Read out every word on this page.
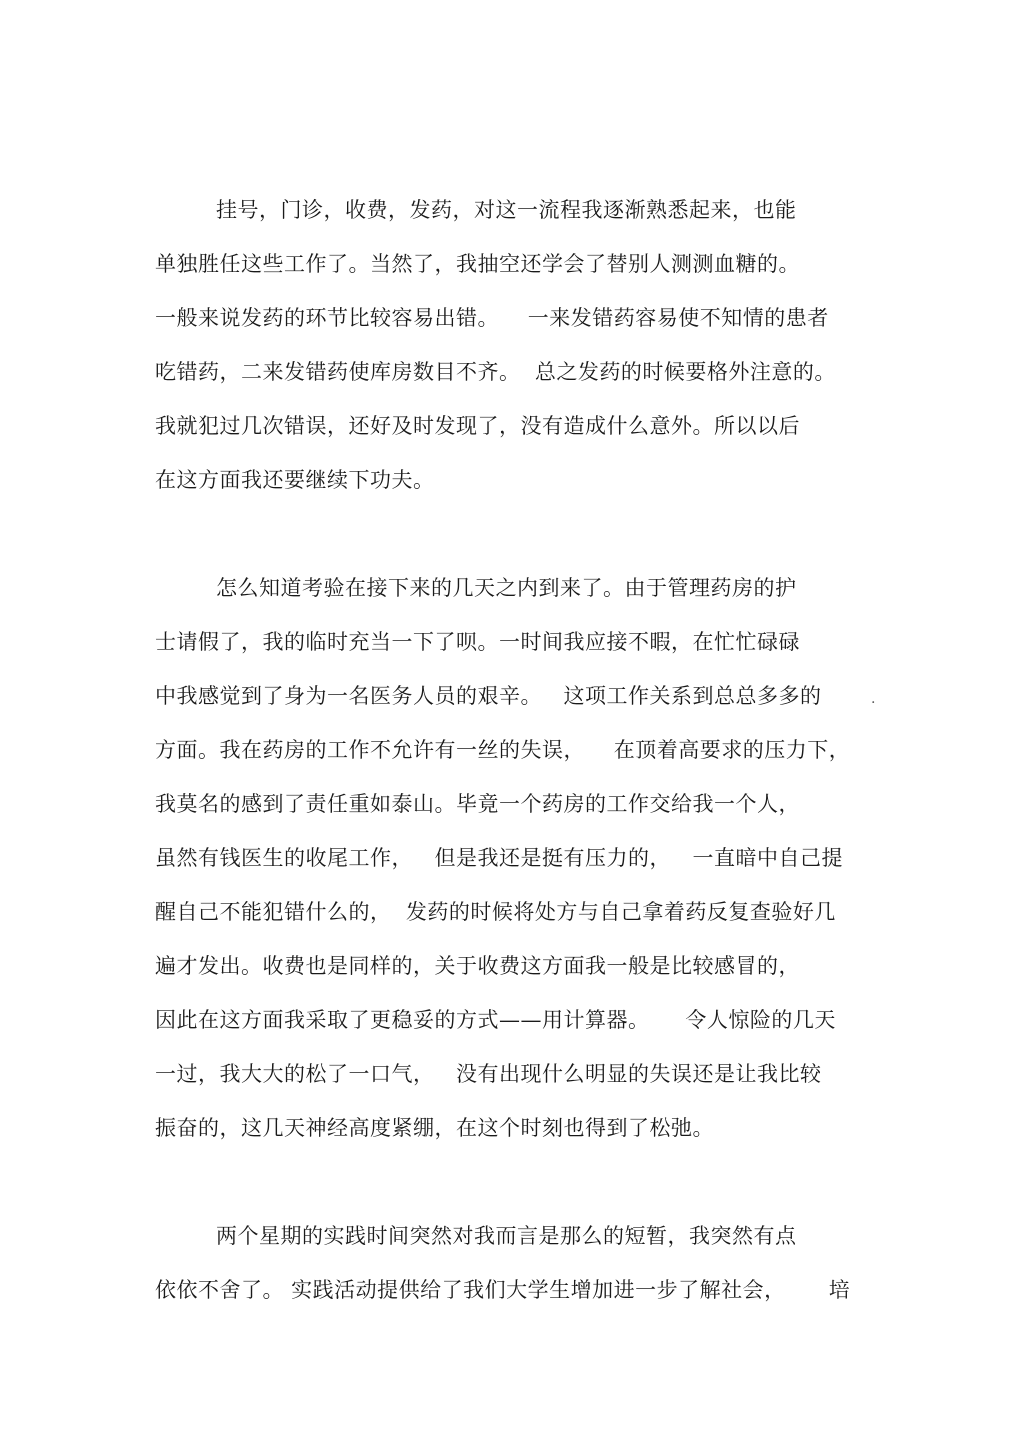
挂号，门诊，收费，发药，对这一流程我逐渐熟悉起来，也能
单独胜任这些工作了。当然了，我抽空还学会了替别人测测血糖的。
一般来说发药的环节比较容易出错。    一来发错药容易使不知情的患者
吃错药，二来发错药使库房数目不齐。  总之发药的时候要格外注意的。
我就犯过几次错误，还好及时发现了，没有造成什么意外。所以以后
在这方面我还要继续下功夫。
怎么知道考验在接下来的几天之内到来了。由于管理药房的护
士请假了，我的临时充当一下了呗。一时间我应接不暇，在忙忙碌碌
中我感觉到了身为一名医务人员的艰辛。   这项工作关系到总总多多的
方面。我在药房的工作不允许有一丝的失误，    在顶着高要求的压力下，
我莫名的感到了责任重如泰山。毕竟一个药房的工作交给我一个人，
虽然有钱医生的收尾工作，   但是我还是挺有压力的，   一直暗中自己提
醒自己不能犯错什么的，  发药的时候将处方与自己拿着药反复查验好几
遍才发出。收费也是同样的，关于收费这方面我一般是比较感冒的，
因此在这方面我采取了更稳妥的方式——用计算器。     令人惊险的几天
一过，我大大的松了一口气，   没有出现什么明显的失误还是让我比较
振奋的，这几天神经高度紧绷，在这个时刻也得到了松弛。
两个星期的实践时间突然对我而言是那么的短暂，我突然有点
依依不舍了。 实践活动提供给了我们大学生增加进一步了解社会，      培
.
